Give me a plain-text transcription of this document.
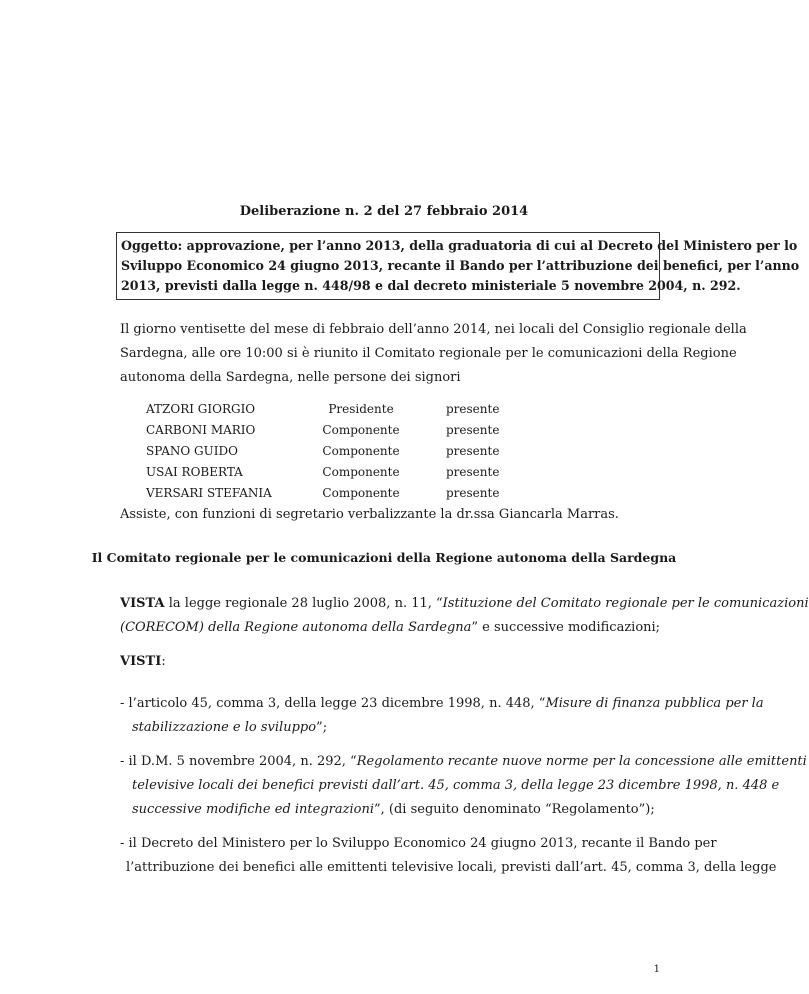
Deliberazione n. 2 del 27 febbraio 2014
Oggetto: approvazione, per l’anno 2013, della graduatoria di cui al Decreto del Ministero per lo
Sviluppo Economico 24 giugno 2013, recante il Bando per l’attribuzione dei benefici, per l’anno
2013, previsti dalla legge n. 448/98 e dal decreto ministeriale 5 novembre 2004, n. 292.
Il giorno ventisette del mese di febbraio dell’anno 2014, nei locali del Consiglio regionale della
Sardegna, alle ore 10:00 si è riunito il Comitato regionale per le comunicazioni della Regione
autonoma della Sardegna, nelle persone dei signori
ATZORI GIORGIO	Presidente	presente
CARBONI MARIO	Componente	presente
SPANO GUIDO	Componente	presente
USAI ROBERTA	Componente	presente
VERSARI STEFANIA	Componente	presente
Assiste, con funzioni di segretario verbalizzante la dr.ssa Giancarla Marras.
Il Comitato regionale per le comunicazioni della Regione autonoma della Sardegna
VISTA la legge regionale 28 luglio 2008, n. 11, “Istituzione del Comitato regionale per le comunicazioni
(CORECOM) della Regione autonoma della Sardegna” e successive modificazioni;
VISTI:
- l’articolo 45, comma 3, della legge 23 dicembre 1998, n. 448, “Misure di finanza pubblica per la
stabilizzazione e lo sviluppo”;
- il D.M. 5 novembre 2004, n. 292, “Regolamento recante nuove norme per la concessione alle emittenti
televisive locali dei benefici previsti dall’art. 45, comma 3, della legge 23 dicembre 1998, n. 448 e
successive modifiche ed integrazioni”, (di seguito denominato “Regolamento”);
- il Decreto del Ministero per lo Sviluppo Economico 24 giugno 2013, recante il Bando per
l’attribuzione dei benefici alle emittenti televisive locali, previsti dall’art. 45, comma 3, della legge
1
